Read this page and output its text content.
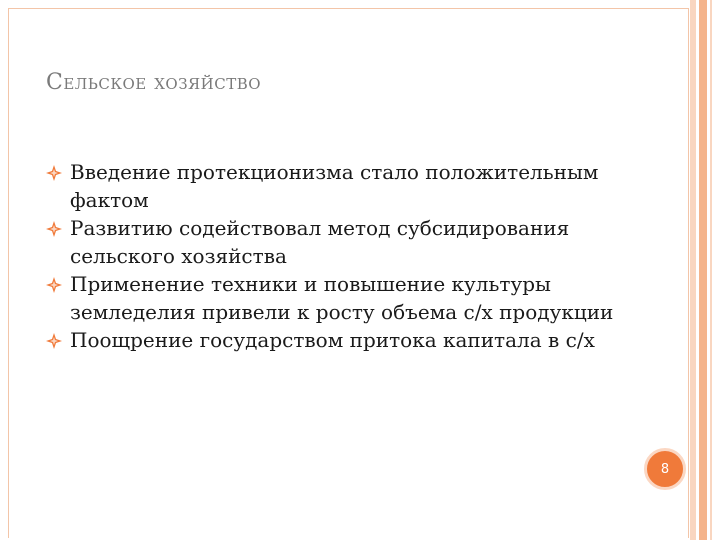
Сельское хозяйство
Введение протекционизма стало положительным фактом
Развитию содействовал метод субсидирования сельского хозяйства
Применение техники и повышение культуры земледелия привели к росту объема с/х продукции
Поощрение государством притока капитала в с/х
8
